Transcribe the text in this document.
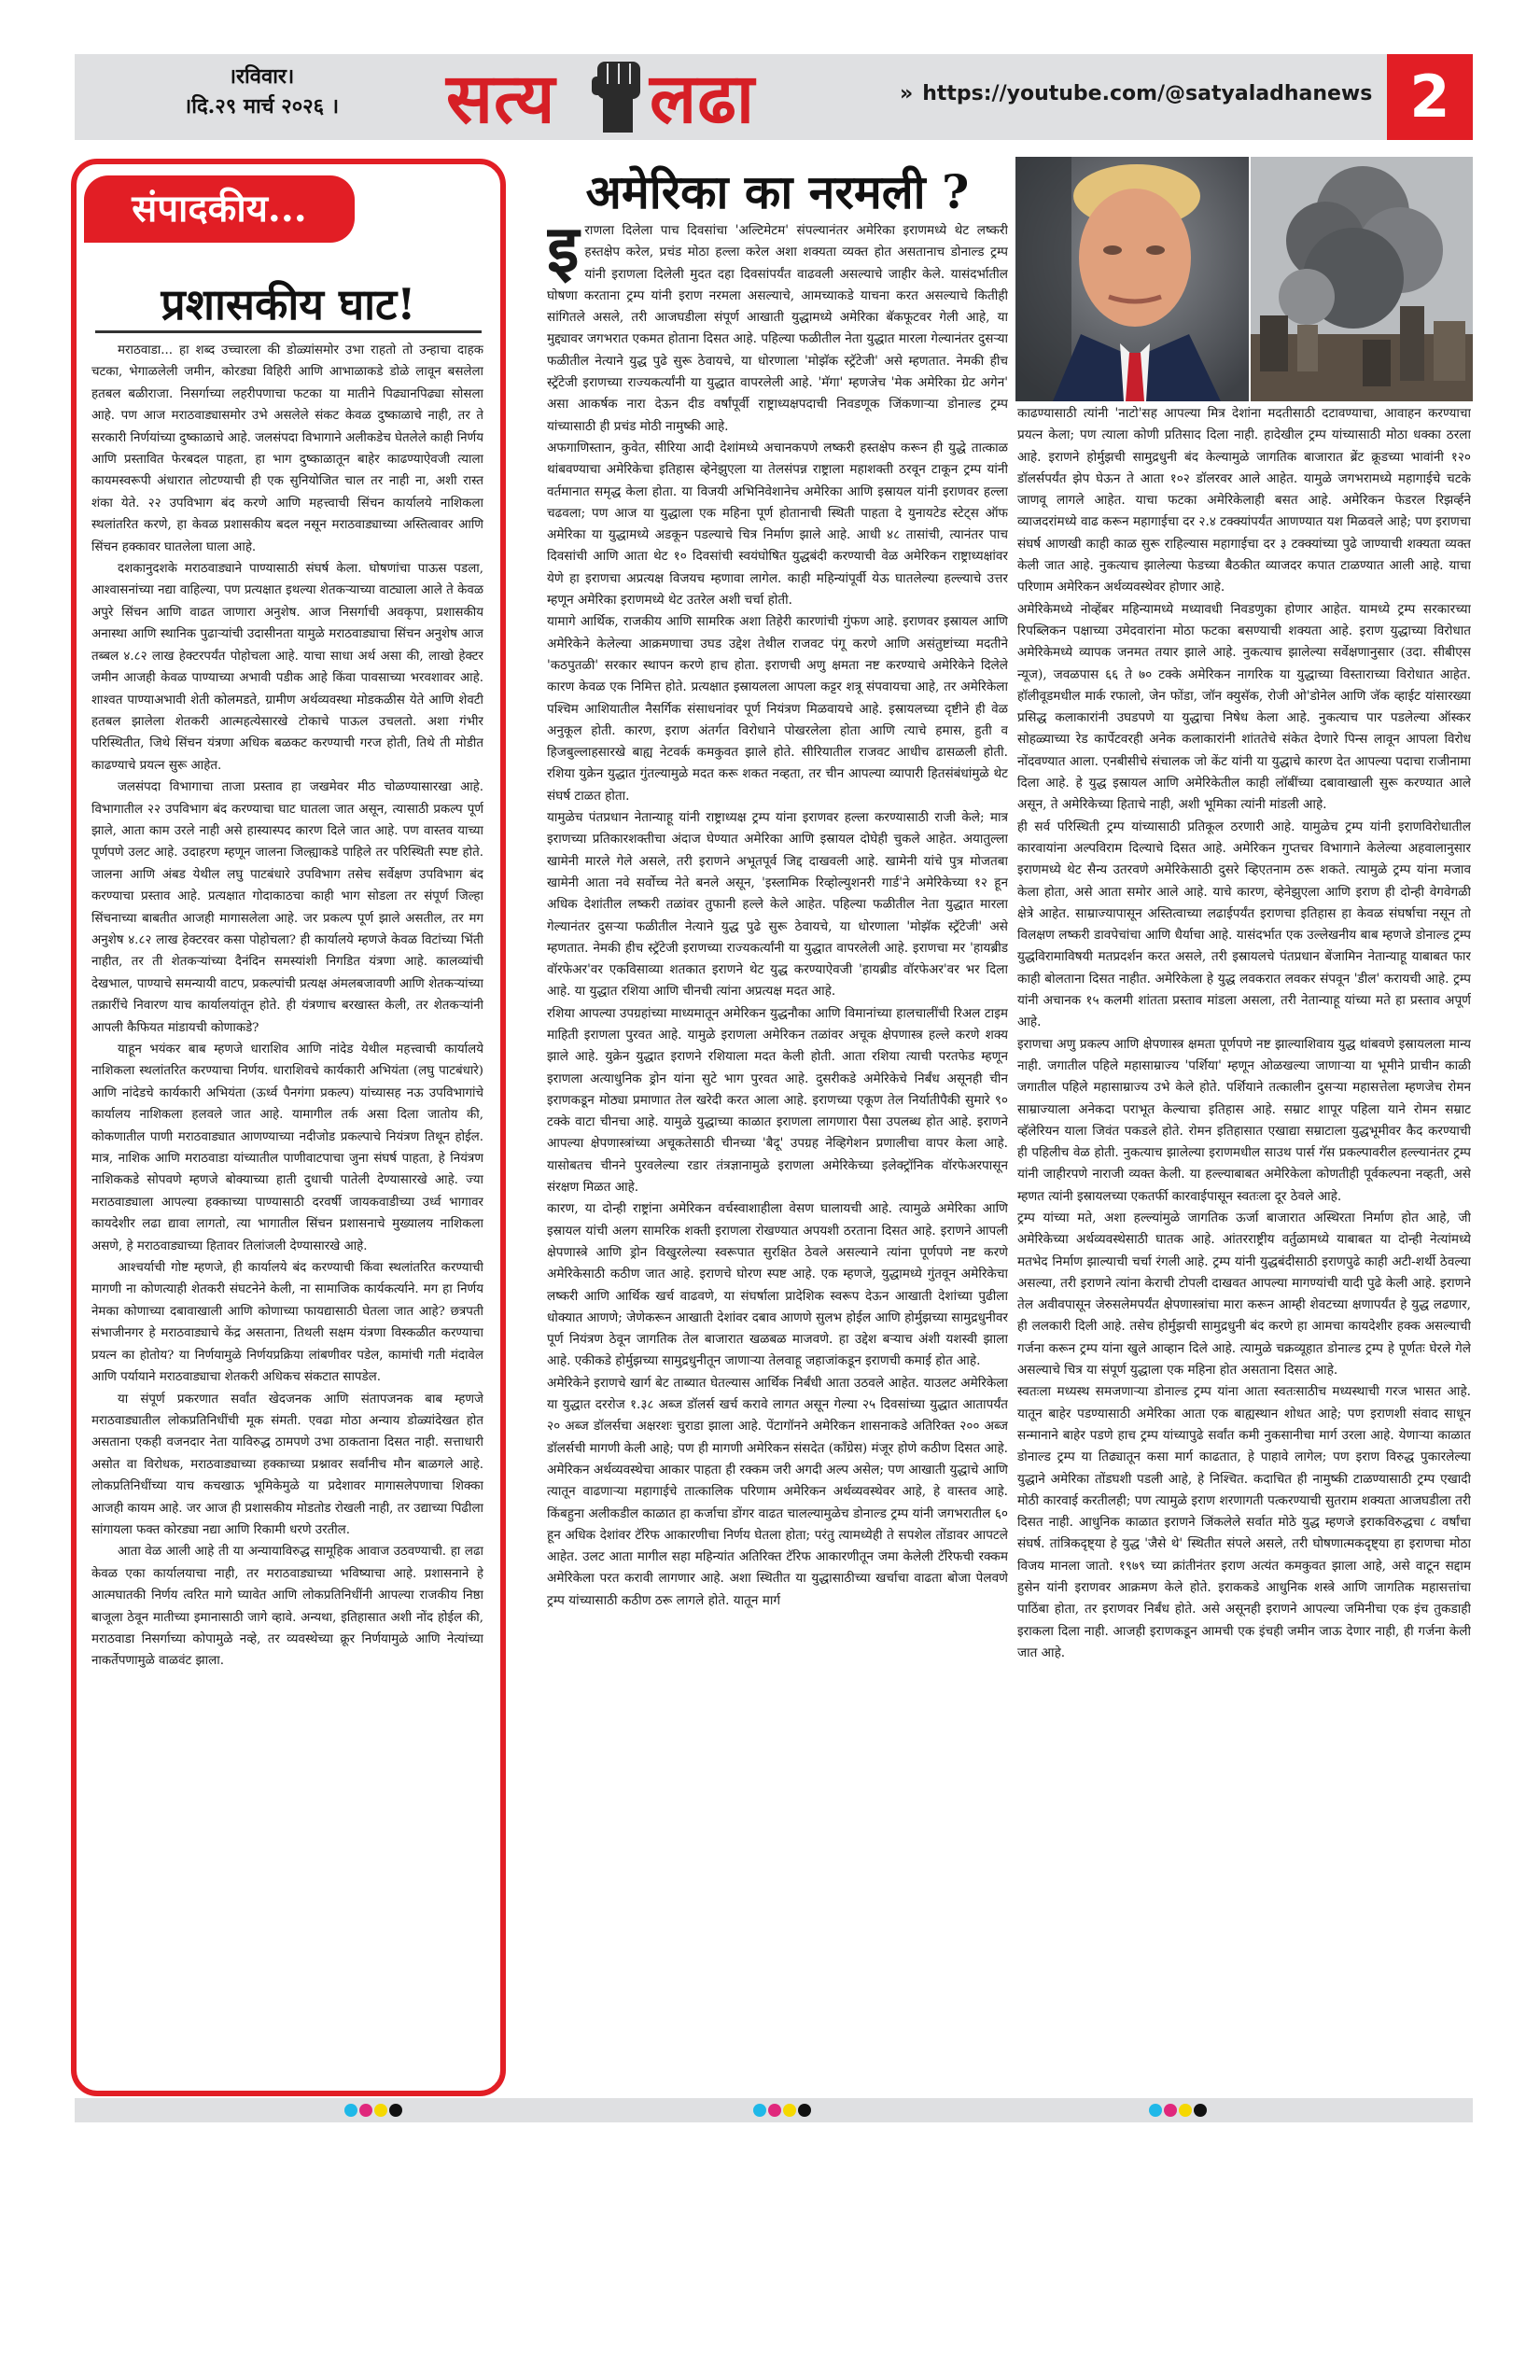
।रविवार।
।दि.२९ मार्च २०२६ ।	सत्य लढा	» https://youtube.com/@satyaladhanews 2
संपादकीय...
प्रशासकीय घाट!

मराठवाडा... हा शब्द उच्चारला की डोळ्यांसमोर उभा राहतो तो उन्हाचा दाहक चटका, भेगाळलेली जमीन, कोरड्या विहिरी आणि आभाळाकडे डोळे लावून बसलेला हतबल बळीराजा. निसर्गाच्या लहरीपणाचा फटका या मातीने पिढ्यानपिढ्या सोसला आहे. पण आज मराठवाड्यासमोर उभे असलेले संकट केवळ दुष्काळाचे नाही, तर ते सरकारी निर्णयांच्या दुष्काळाचे आहे. जलसंपदा विभागाने अलीकडेच घेतलेले काही निर्णय आणि प्रस्तावित फेरबदल पाहता, हा भाग दुष्काळातून बाहेर काढण्याऐवजी त्याला कायमस्वरूपी अंधारात लोटण्याची ही एक सुनियोजित चाल तर नाही ना, अशी रास्त शंका येते. २२ उपविभाग बंद करणे आणि महत्त्वाची सिंचन कार्यालये नाशिकला स्थलांतरित करणे, हा केवळ प्रशासकीय बदल नसून मराठवाड्याच्या अस्तित्वावर आणि सिंचन हक्कावर घातलेला घाला आहे.

दशकानुदशके मराठवाड्याने पाण्यासाठी संघर्ष केला. घोषणांचा पाऊस पडला, आश्वासनांच्या नद्या वाहिल्या, पण प्रत्यक्षात इथल्या शेतकऱ्याच्या वाट्याला आले ते केवळ अपुरे सिंचन आणि वाढत जाणारा अनुशेष. आज निसर्गाची अवकृपा, प्रशासकीय अनास्था आणि स्थानिक पुढाऱ्यांची उदासीनता यामुळे मराठवाड्याचा सिंचन अनुशेष आज तब्बल ४.८२ लाख हेक्टरपर्यंत पोहोचला आहे. याचा साधा अर्थ असा की, लाखो हेक्टर जमीन आजही केवळ पाण्याच्या अभावी पडीक आहे किंवा पावसाच्या भरवशावर आहे. शाश्वत पाण्याअभावी शेती कोलमडते, ग्रामीण अर्थव्यवस्था मोडकळीस येते आणि शेवटी हतबल झालेला शेतकरी आत्महत्येसारखे टोकाचे पाऊल उचलतो. अशा गंभीर परिस्थितीत, जिथे सिंचन यंत्रणा अधिक बळकट करण्याची गरज होती, तिथे ती मोडीत काढण्याचे प्रयत्न सुरू आहेत.

जलसंपदा विभागाचा ताजा प्रस्ताव हा जखमेवर मीठ चोळण्यासारखा आहे. विभागातील २२ उपविभाग बंद करण्याचा घाट घातला जात असून, त्यासाठी प्रकल्प पूर्ण झाले, आता काम उरले नाही असे हास्यास्पद कारण दिले जात आहे. पण वास्तव याच्या पूर्णपणे उलट आहे. उदाहरण म्हणून जालना जिल्ह्याकडे पाहिले तर परिस्थिती स्पष्ट होते. जालना आणि अंबड येथील लघु पाटबंधारे उपविभाग तसेच सर्वेक्षण उपविभाग बंद करण्याचा प्रस्ताव आहे. प्रत्यक्षात गोदाकाठचा काही भाग सोडला तर संपूर्ण जिल्हा सिंचनाच्या बाबतीत आजही मागासलेला आहे. जर प्रकल्प पूर्ण झाले असतील, तर मग अनुशेष ४.८२ लाख हेक्टरवर कसा पोहोचला? ही कार्यालये म्हणजे केवळ विटांच्या भिंती नाहीत, तर ती शेतकऱ्यांच्या दैनंदिन समस्यांशी निगडित यंत्रणा आहे. कालव्यांची देखभाल, पाण्याचे समन्यायी वाटप, प्रकल्पांची प्रत्यक्ष अंमलबजावणी आणि शेतकऱ्यांच्या तक्रारींचे निवारण याच कार्यालयांतून होते. ही यंत्रणाच बरखास्त केली, तर शेतकऱ्यांनी आपली कैफियत मांडायची कोणाकडे?

याहून भयंकर बाब म्हणजे धाराशिव आणि नांदेड येथील महत्त्वाची कार्यालये नाशिकला स्थलांतरित करण्याचा निर्णय. धाराशिवचे कार्यकारी अभियंता (लघु पाटबंधारे) आणि नांदेडचे कार्यकारी अभियंता (ऊर्ध्व पैनगंगा प्रकल्प) यांच्यासह नऊ उपविभागांचे कार्यालय नाशिकला हलवले जात आहे. यामागील तर्क असा दिला जातोय की, कोकणातील पाणी मराठवाड्यात आणण्याच्या नदीजोड प्रकल्पाचे नियंत्रण तिथून होईल. मात्र, नाशिक आणि मराठवाडा यांच्यातील पाणीवाटपाचा जुना संघर्ष पाहता, हे नियंत्रण नाशिककडे सोपवणे म्हणजे बोक्याच्या हाती दुधाची पातेली देण्यासारखे आहे. ज्या मराठवाड्याला आपल्या हक्काच्या पाण्यासाठी दरवर्षी जायकवाडीच्या उर्ध्व भागावर कायदेशीर लढा द्यावा लागतो, त्या भागातील सिंचन प्रशासनाचे मुख्यालय नाशिकला असणे, हे मराठवाड्याच्या हितावर तिलांजली देण्यासारखे आहे.

आश्चर्याची गोष्ट म्हणजे, ही कार्यालये बंद करण्याची किंवा स्थलांतरित करण्याची मागणी ना कोणत्याही शेतकरी संघटनेने केली, ना सामाजिक कार्यकर्त्याने. मग हा निर्णय नेमका कोणाच्या दबावाखाली आणि कोणाच्या फायद्यासाठी घेतला जात आहे? छत्रपती संभाजीनगर हे मराठवाड्याचे केंद्र असताना, तिथली सक्षम यंत्रणा विस्कळीत करण्याचा प्रयत्न का होतोय? या निर्णयामुळे निर्णयप्रक्रिया लांबणीवर पडेल, कामांची गती मंदावेल आणि पर्यायाने मराठवाड्याचा शेतकरी अधिकच संकटात सापडेल.

या संपूर्ण प्रकरणात सर्वांत खेदजनक आणि संतापजनक बाब म्हणजे मराठवाड्यातील लोकप्रतिनिधींची मूक संमती. एवढा मोठा अन्याय डोळ्यांदेखत होत असताना एकही वजनदार नेता याविरुद्ध ठामपणे उभा ठाकताना दिसत नाही. सत्ताधारी असोत वा विरोधक, मराठवाड्याच्या हक्काच्या प्रश्नावर सर्वांनीच मौन बाळगले आहे. लोकप्रतिनिधींच्या याच कचखाऊ भूमिकेमुळे या प्रदेशावर मागासलेपणाचा शिक्का आजही कायम आहे. जर आज ही प्रशासकीय मोडतोड रोखली नाही, तर उद्याच्या पिढीला सांगायला फक्त कोरड्या नद्या आणि रिकामी धरणे उरतील.

आता वेळ आली आहे ती या अन्यायाविरुद्ध सामूहिक आवाज उठवण्याची. हा लढा केवळ एका कार्यालयाचा नाही, तर मराठवाड्याच्या भविष्याचा आहे. प्रशासनाने हे आत्मघातकी निर्णय त्वरित मागे घ्यावेत आणि लोकप्रतिनिधींनी आपल्या राजकीय निष्ठा बाजूला ठेवून मातीच्या इमानासाठी जागे व्हावे. अन्यथा, इतिहासात अशी नोंद होईल की, मराठवाडा निसर्गाच्या कोपामुळे नव्हे, तर व्यवस्थेच्या क्रूर निर्णयामुळे आणि नेत्यांच्या नाकर्तेपणामुळे वाळवंट झाला.

अमेरिका का नरमली ?
इ राणला दिलेला पाच दिवसांचा 'अल्टिमेटम' संपल्यानंतर अमेरिका इराणमध्ये थेट लष्करी हस्तक्षेप करेल, प्रचंड मोठा हल्ला करेल अशा शक्यता व्यक्त होत असतानाच डोनाल्ड ट्रम्प यांनी इराणला दिलेली मुदत दहा दिवसांपर्यंत वाढवली असल्याचे जाहीर केले. यासंदर्भातील घोषणा करताना ट्रम्प यांनी इराण नरमला असल्याचे, आमच्याकडे याचना करत असल्याचे कितीही सांगितले असले, तरी आजघडीला संपूर्ण आखाती युद्धामध्ये अमेरिका बॅकफूटवर गेली आहे, या मुद्द्यावर जगभरात एकमत होताना दिसत आहे. पहिल्या फळीतील नेता युद्धात मारला गेल्यानंतर दुसऱ्या फळीतील नेत्याने युद्ध पुढे सुरू ठेवायचे, या धोरणाला 'मोझॅक स्ट्रॅटेजी' असे म्हणतात. नेमकी हीच स्ट्रॅटेजी इराणच्या राज्यकर्त्यांनी या युद्धात वापरलेली आहे. 'मॅगा' म्हणजेच 'मेक अमेरिका ग्रेट अगेन' असा आकर्षक नारा देऊन दीड वर्षांपूर्वी राष्ट्राध्यक्षपदाची निवडणूक जिंकणाऱ्या डोनाल्ड ट्रम्प यांच्यासाठी ही प्रचंड मोठी नामुष्की आहे.

अफगाणिस्तान, कुवेत, सीरिया आदी देशांमध्ये अचानकपणे लष्करी हस्तक्षेप करून ही युद्धे तात्काळ थांबवण्याचा अमेरिकेचा इतिहास व्हेनेझुएला या तेलसंपन्न राष्ट्राला महाशक्ती ठरवून टाकून ट्रम्प यांनी वर्तमानात समृद्ध केला होता. या विजयी अभिनिवेशानेच अमेरिका आणि इस्रायल यांनी इराणवर हल्ला चढवला; पण आज या युद्धाला एक महिना पूर्ण होतानाची स्थिती पाहता दे युनायटेड स्टेट्स ऑफ अमेरिका या युद्धामध्ये अडकून पडल्याचे चित्र निर्माण झाले आहे. आधी ४८ तासांची, त्यानंतर पाच दिवसांची आणि आता थेट १० दिवसांची स्वयंघोषित युद्धबंदी करण्याची वेळ अमेरिकन राष्ट्राध्यक्षांवर येणे हा इराणचा अप्रत्यक्ष विजयच म्हणावा लागेल. काही महिन्यांपूर्वी येऊ घातलेल्या हल्ल्याचे उत्तर म्हणून अमेरिका इराणमध्ये थेट उतरेल अशी चर्चा होती.

यामागे आर्थिक, राजकीय आणि सामरिक अशा तिहेरी कारणांची गुंफण आहे. इराणवर इस्रायल आणि अमेरिकेने केलेल्या आक्रमणाचा उघड उद्देश तेथील राजवट पंगू करणे आणि असंतुष्टांच्या मदतीने 'कठपुतळी' सरकार स्थापन करणे हाच होता. इराणची अणु क्षमता नष्ट करण्याचे अमेरिकेने दिलेले कारण केवळ एक निमित्त होते. प्रत्यक्षात इस्रायलला आपला कट्टर शत्रू संपवायचा आहे, तर अमेरिकेला पश्चिम आशियातील नैसर्गिक संसाधनांवर पूर्ण नियंत्रण मिळवायचे आहे. इस्रायलच्या दृष्टीने ही वेळ अनुकूल होती. कारण, इराण अंतर्गत विरोधाने पोखरलेला होता आणि त्याचे हमास, हुती व हिजबुल्लाहसारखे बाह्य नेटवर्क कमकुवत झाले होते. सीरियातील राजवट आधीच ढासळली होती. रशिया युक्रेन युद्धात गुंतल्यामुळे मदत करू शकत नव्हता, तर चीन आपल्या व्यापारी हितसंबंधांमुळे थेट संघर्ष टाळत होता.

यामुळेच पंतप्रधान नेतान्याहू यांनी राष्ट्राध्यक्ष ट्रम्प यांना इराणवर हल्ला करण्यासाठी राजी केले; मात्र इराणच्या प्रतिकारशक्तीचा अंदाज घेण्यात अमेरिका आणि इस्रायल दोघेही चुकले आहेत. अयातुल्ला खामेनी मारले गेले असले, तरी इराणने अभूतपूर्व जिद्द दाखवली आहे. खामेनी यांचे पुत्र मोजतबा खामेनी आता नवे सर्वोच्च नेते बनले असून, 'इस्लामिक रिव्होल्युशनरी गार्ड'ने अमेरिकेच्या १२ हून अधिक देशांतील लष्करी तळांवर तुफानी हल्ले केले आहेत. पहिल्या फळीतील नेता युद्धात मारला गेल्यानंतर दुसऱ्या फळीतील नेत्याने युद्ध पुढे सुरू ठेवायचे, या धोरणाला 'मोझॅक स्ट्रॅटेजी' असे म्हणतात. नेमकी हीच स्ट्रॅटेजी इराणच्या राज्यकर्त्यांनी या युद्धात वापरलेली आहे. इराणचा मर 'हायब्रीड वॉरफेअर'वर एकविसाव्या शतकात इराणने थेट युद्ध करण्याऐवजी 'हायब्रीड वॉरफेअर'वर भर दिला आहे. या युद्धात रशिया आणि चीनची त्यांना अप्रत्यक्ष मदत आहे.

रशिया आपल्या उपग्रहांच्या माध्यमातून अमेरिकन युद्धनौका आणि विमानांच्या हालचालींची रिअल टाइम माहिती इराणला पुरवत आहे. यामुळे इराणला अमेरिकन तळांवर अचूक क्षेपणास्त्र हल्ले करणे शक्य झाले आहे. युक्रेन युद्धात इराणने रशियाला मदत केली होती. आता रशिया त्याची परतफेड म्हणून इराणला अत्याधुनिक ड्रोन यांना सुटे भाग पुरवत आहे. दुसरीकडे अमेरिकेचे निर्बंध असूनही चीन इराणकडून मोठ्या प्रमाणात तेल खरेदी करत आला आहे. इराणच्या एकूण तेल निर्यातीपैकी सुमारे ९० टक्के वाटा चीनचा आहे. यामुळे युद्धाच्या काळात इराणला लागणारा पैसा उपलब्ध होत आहे. इराणने आपल्या क्षेपणास्त्रांच्या अचूकतेसाठी चीनच्या 'बैदू' उपग्रह नेव्हिगेशन प्रणालीचा वापर केला आहे. यासोबतच चीनने पुरवलेल्या रडार तंत्रज्ञानामुळे इराणला अमेरिकेच्या इलेक्ट्रॉनिक वॉरफेअरपासून संरक्षण मिळत आहे.

कारण, या दोन्ही राष्ट्रांना अमेरिकन वर्चस्वाशाहीला वेसण घालायची आहे. त्यामुळे अमेरिका आणि इस्रायल यांची अलग सामरिक शक्ती इराणला रोखण्यात अपयशी ठरताना दिसत आहे. इराणने आपली क्षेपणास्त्रे आणि ड्रोन विखुरलेल्या स्वरूपात सुरक्षित ठेवले असल्याने त्यांना पूर्णपणे नष्ट करणे अमेरिकेसाठी कठीण जात आहे. इराणचे घोरण स्पष्ट आहे. एक म्हणजे, युद्धामध्ये गुंतवून अमेरिकेचा लष्करी आणि आर्थिक खर्च वाढवणे, या संघर्षाला प्रादेशिक स्वरूप देऊन आखाती देशांच्या पुढीला धोक्यात आणणे; जेणेकरून आखाती देशांवर दबाव आणणे सुलभ होईल आणि होर्मुझच्या सामुद्रधुनीवर पूर्ण नियंत्रण ठेवून जागतिक तेल बाजारात खळबळ माजवणे. हा उद्देश बऱ्याच अंशी यशस्वी झाला आहे. एकीकडे होर्मुझच्या सामुद्रधुनीतून जाणाऱ्या तेलवाहू जहाजांकडून इराणची कमाई होत आहे.

अमेरिकेने इराणचे खार्ग बेट ताब्यात घेतल्यास आर्थिक निर्बंधी आता उठवले आहेत. याउलट अमेरिकेला या युद्धात दररोज १.३८ अब्ज डॉलर्स खर्च करावे लागत असून गेल्या २५ दिवसांच्या युद्धात आतापर्यंत २० अब्ज डॉलर्सचा अक्षरशः चुराडा झाला आहे. पेंटागॉनने अमेरिकन शासनाकडे अतिरिक्त २०० अब्ज डॉलर्सची मागणी केली आहे; पण ही मागणी अमेरिकन संसदेत (काँग्रेस) मंजूर होणे कठीण दिसत आहे. अमेरिकन अर्थव्यवस्थेचा आकार पाहता ही रक्कम जरी अगदी अल्प असेल; पण आखाती युद्धाचे आणि त्यातून वाढणाऱ्या महागाईचे तात्कालिक परिणाम अमेरिकन अर्थव्यवस्थेवर आहे, हे वास्तव आहे. किंबहुना अलीकडील काळात हा कर्जाचा डोंगर वाढत चालल्यामुळेच डोनाल्ड ट्रम्प यांनी जगभरातील ६० हून अधिक देशांवर टॅरिफ आकारणीचा निर्णय घेतला होता; परंतु त्यामध्येही ते सपशेल तोंडावर आपटले आहेत. उलट आता मागील सहा महिन्यांत अतिरिक्त टॅरिफ आकारणीतून जमा केलेली टॅरिफची रक्कम अमेरिकेला परत करावी लागणार आहे. अशा स्थितीत या युद्धासाठीच्या खर्चाचा वाढता बोजा पेलवणे ट्रम्प यांच्यासाठी कठीण ठरू लागले होते. यातून मार्ग

काढण्यासाठी त्यांनी 'नाटो'सह आपल्या मित्र देशांना मदतीसाठी दटावण्याचा, आवाहन करण्याचा प्रयत्न केला; पण त्याला कोणी प्रतिसाद दिला नाही. हादेखील ट्रम्प यांच्यासाठी मोठा धक्का ठरला आहे. इराणने होर्मुझची सामुद्रधुनी बंद केल्यामुळे जागतिक बाजारात ब्रेंट क्रूडच्या भावांनी १२० डॉलर्सपर्यंत झेप घेऊन ते आता १०२ डॉलरवर आले आहेत. यामुळे जगभरामध्ये महागाईचे चटके जाणवू लागले आहेत. याचा फटका अमेरिकेलाही बसत आहे. अमेरिकन फेडरल रिझर्व्हने व्याजदरांमध्ये वाढ करून महागाईचा दर २.४ टक्क्यांपर्यंत आणण्यात यश मिळवले आहे; पण इराणचा संघर्ष आणखी काही काळ सुरू राहिल्यास महागाईचा दर ३ टक्क्यांच्या पुढे जाण्याची शक्यता व्यक्त केली जात आहे. नुकत्याच झालेल्या फेडच्या बैठकीत व्याजदर कपात टाळण्यात आली आहे. याचा परिणाम अमेरिकन अर्थव्यवस्थेवर होणार आहे.

अमेरिकेमध्ये नोव्हेंबर महिन्यामध्ये मध्यावधी निवडणुका होणार आहेत. यामध्ये ट्रम्प सरकारच्या रिपब्लिकन पक्षाच्या उमेदवारांना मोठा फटका बसण्याची शक्यता आहे. इराण युद्धाच्या विरोधात अमेरिकेमध्ये व्यापक जनमत तयार झाले आहे. नुकत्याच झालेल्या सर्वेक्षणानुसार (उदा. सीबीएस न्यूज), जवळपास ६६ ते ७० टक्के अमेरिकन नागरिक या युद्धाच्या विस्ताराच्या विरोधात आहेत. हॉलीवूडमधील मार्क रफालो, जेन फोंडा, जॉन क्युसॅक, रोजी ओ'डोनेल आणि जॅक व्हाईट यांसारख्या प्रसिद्ध कलाकारांनी उघडपणे या युद्धाचा निषेध केला आहे. नुकत्याच पार पडलेल्या ऑस्कर सोहळ्याच्या रेड कार्पेटवरही अनेक कलाकारांनी शांततेचे संकेत देणारे पिन्स लावून आपला विरोध नोंदवण्यात आला. एनबीसीचे संचालक जो केंट यांनी या युद्धाचे कारण देत आपल्या पदाचा राजीनामा दिला आहे. हे युद्ध इस्रायल आणि अमेरिकेतील काही लॉबींच्या दबावाखाली सुरू करण्यात आले असून, ते अमेरिकेच्या हिताचे नाही, अशी भूमिका त्यांनी मांडली आहे.

ही सर्व परिस्थिती ट्रम्प यांच्यासाठी प्रतिकूल ठरणारी आहे. यामुळेच ट्रम्प यांनी इराणविरोधातील कारवायांना अल्पविराम दिल्याचे दिसत आहे. अमेरिकन गुप्तचर विभागाने केलेल्या अहवालानुसार इराणमध्ये थेट सैन्य उतरवणे अमेरिकेसाठी दुसरे व्हिएतनाम ठरू शकते. त्यामुळे ट्रम्प यांना मजाव केला होता, असे आता समोर आले आहे. याचे कारण, व्हेनेझुएला आणि इराण ही दोन्ही वेगवेगळी क्षेत्रे आहेत. साम्राज्यापासून अस्तित्वाच्या लढाईपर्यंत इराणचा इतिहास हा केवळ संघर्षाचा नसून तो विलक्षण लष्करी डावपेचांचा आणि धैर्याचा आहे. यासंदर्भात एक उल्लेखनीय बाब म्हणजे डोनाल्ड ट्रम्प युद्धविरामाविषयी मतप्रदर्शन करत असले, तरी इस्रायलचे पंतप्रधान बेंजामिन नेतान्याहू याबाबत फार काही बोलताना दिसत नाहीत. अमेरिकेला हे युद्ध लवकरात लवकर संपवून 'डील' करायची आहे. ट्रम्प यांनी अचानक १५ कलमी शांतता प्रस्ताव मांडला असला, तरी नेतान्याहू यांच्या मते हा प्रस्ताव अपूर्ण आहे.

इराणचा अणु प्रकल्प आणि क्षेपणास्त्र क्षमता पूर्णपणे नष्ट झाल्याशिवाय युद्ध थांबवणे इस्रायलला मान्य नाही. जगातील पहिले महासाम्राज्य 'पर्शिया' म्हणून ओळखल्या जाणाऱ्या या भूमीने प्राचीन काळी जगातील पहिले महासाम्राज्य उभे केले होते. पर्शियाने तत्कालीन दुसऱ्या महासत्तेला म्हणजेच रोमन साम्राज्याला अनेकदा पराभूत केल्याचा इतिहास आहे. सम्राट शापूर पहिला याने रोमन सम्राट व्हॅलेरियन याला जिवंत पकडले होते. रोमन इतिहासात एखाद्या सम्राटाला युद्धभूमीवर कैद करण्याची ही पहिलीच वेळ होती. नुकत्याच झालेल्या इराणमधील साउथ पार्स गॅस प्रकल्पावरील हल्ल्यानंतर ट्रम्प यांनी जाहीरपणे नाराजी व्यक्त केली. या हल्ल्याबाबत अमेरिकेला कोणतीही पूर्वकल्पना नव्हती, असे म्हणत त्यांनी इस्रायलच्या एकतर्फी कारवाईपासून स्वतःला दूर ठेवले आहे.

ट्रम्प यांच्या मते, अशा हल्ल्यांमुळे जागतिक ऊर्जा बाजारात अस्थिरता निर्माण होत आहे, जी अमेरिकेच्या अर्थव्यवस्थेसाठी घातक आहे. आंतरराष्ट्रीय वर्तुळामध्ये याबाबत या दोन्ही नेत्यांमध्ये मतभेद निर्माण झाल्याची चर्चा रंगली आहे. ट्रम्प यांनी युद्धबंदीसाठी इराणपुढे काही अटी-शर्थी ठेवल्या असल्या, तरी इराणने त्यांना केराची टोपली दाखवत आपल्या मागण्यांची यादी पुढे केली आहे. इराणने तेल अवीवपासून जेरुसलेमपर्यंत क्षेपणास्त्रांचा मारा करून आम्ही शेवटच्या क्षणापर्यंत हे युद्ध लढणार, ही ललकारी दिली आहे. तसेच होर्मुझची सामुद्रधुनी बंद करणे हा आमचा कायदेशीर हक्क असल्याची गर्जना करून ट्रम्प यांना खुले आव्हान दिले आहे. त्यामुळे चक्रव्यूहात डोनाल्ड ट्रम्प हे पूर्णतः घेरले गेले असल्याचे चित्र या संपूर्ण युद्धाला एक महिना होत असताना दिसत आहे.

स्वतःला मध्यस्थ समजणाऱ्या डोनाल्ड ट्रम्प यांना आता स्वतःसाठीच मध्यस्थाची गरज भासत आहे. यातून बाहेर पडण्यासाठी अमेरिका आता एक बाह्यस्थान शोधत आहे; पण इराणशी संवाद साधून सन्मानाने बाहेर पडणे हाच ट्रम्प यांच्यापुढे सर्वांत कमी नुकसानीचा मार्ग उरला आहे. येणाऱ्या काळात डोनाल्ड ट्रम्प या तिढ्यातून कसा मार्ग काढतात, हे पाहावे लागेल; पण इराण विरुद्ध पुकारलेल्या युद्धाने अमेरिका तोंडघशी पडली आहे, हे निश्चित. कदाचित ही नामुष्की टाळण्यासाठी ट्रम्प एखादी मोठी कारवाई करतीलही; पण त्यामुळे इराण शरणागती पत्करण्याची सुतराम शक्यता आजघडीला तरी दिसत नाही. आधुनिक काळात इराणने जिंकलेले सर्वात मोठे युद्ध म्हणजे इराकविरुद्धचा ८ वर्षांचा संघर्ष. तांत्रिकदृष्ट्या हे युद्ध 'जैसे थे' स्थितीत संपले असले, तरी घोषणात्मकदृष्ट्या हा इराणचा मोठा विजय मानला जातो. १९७९ च्या क्रांतीनंतर इराण अत्यंत कमकुवत झाला आहे, असे वाटून सद्दाम हुसेन यांनी इराणवर आक्रमण केले होते. इराककडे आधुनिक शस्त्रे आणि जागतिक महासत्तांचा पाठिंबा होता, तर इराणवर निर्बंध होते. असे असूनही इराणने आपल्या जमिनीचा एक इंच तुकडाही इराकला दिला नाही. आजही इराणकडून आमची एक इंचही जमीन जाऊ देणार नाही, ही गर्जना केली जात आहे.
